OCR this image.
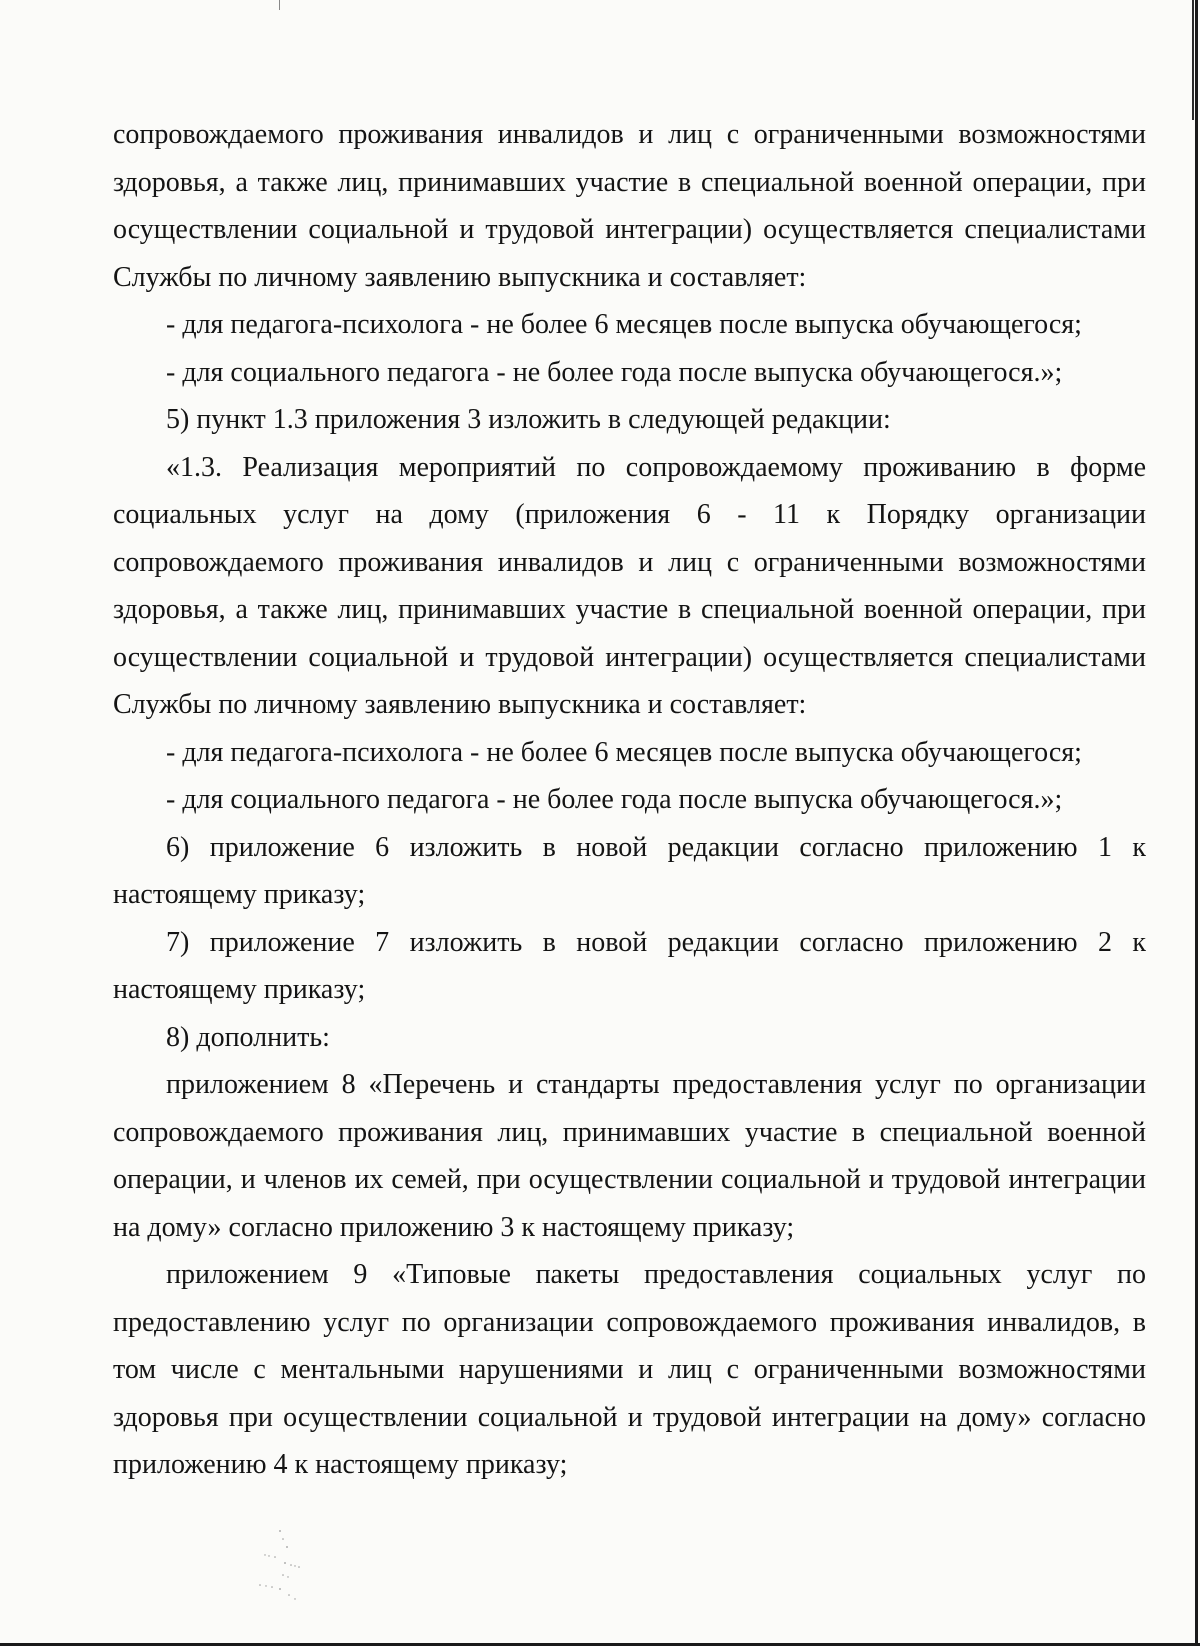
сопровождаемого проживания инвалидов и лиц с ограниченными возможностями здоровья, а также лиц, принимавших участие в специальной военной операции, при осуществлении социальной и трудовой интеграции) осуществляется специалистами Службы по личному заявлению выпускника и составляет:

- для педагога-психолога - не более 6 месяцев после выпуска обучающегося;

- для социального педагога - не более года после выпуска обучающегося.»;

5) пункт 1.3 приложения 3 изложить в следующей редакции:

«1.3. Реализация мероприятий по сопровождаемому проживанию в форме социальных услуг на дому (приложения 6 - 11 к Порядку организации сопровождаемого проживания инвалидов и лиц с ограниченными возможностями здоровья, а также лиц, принимавших участие в специальной военной операции, при осуществлении социальной и трудовой интеграции) осуществляется специалистами Службы по личному заявлению выпускника и составляет:

- для педагога-психолога - не более 6 месяцев после выпуска обучающегося;

- для социального педагога - не более года после выпуска обучающегося.»;

6) приложение 6 изложить в новой редакции согласно приложению 1 к настоящему приказу;

7) приложение 7 изложить в новой редакции согласно приложению 2 к настоящему приказу;

8) дополнить:

приложением 8 «Перечень и стандарты предоставления услуг по организации сопровождаемого проживания лиц, принимавших участие в специальной военной операции, и членов их семей, при осуществлении социальной и трудовой интеграции на дому» согласно приложению 3 к настоящему приказу;

приложением 9 «Типовые пакеты предоставления социальных услуг по предоставлению услуг по организации сопровождаемого проживания инвалидов, в том числе с ментальными нарушениями и лиц с ограниченными возможностями здоровья при осуществлении социальной и трудовой интеграции на дому» согласно приложению 4 к настоящему приказу;
